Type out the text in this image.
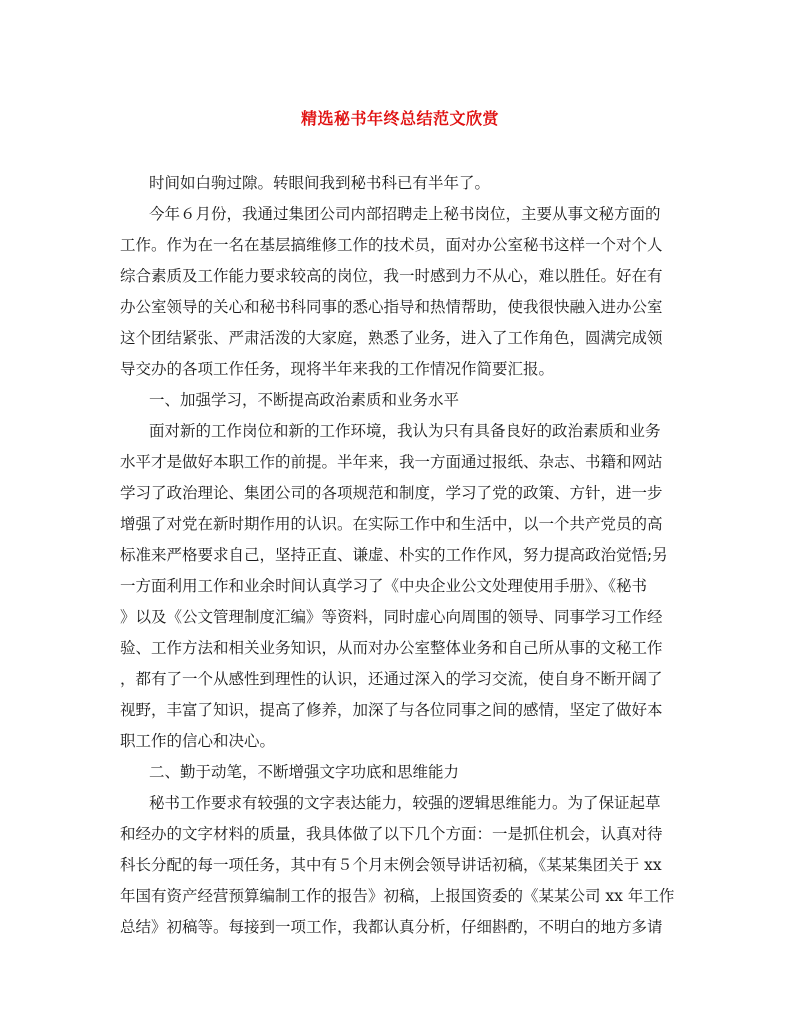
精选秘书年终总结范文欣赏
时间如白驹过隙。转眼间我到秘书科已有半年了。
今年６月份，我通过集团公司内部招聘走上秘书岗位，主要从事文秘方面的
工作。作为在一名在基层搞维修工作的技术员，面对办公室秘书这样一个对个人
综合素质及工作能力要求较高的岗位，我一时感到力不从心，难以胜任。好在有
办公室领导的关心和秘书科同事的悉心指导和热情帮助，使我很快融入进办公室
这个团结紧张、严肃活泼的大家庭，熟悉了业务，进入了工作角色，圆满完成领
导交办的各项工作任务，现将半年来我的工作情况作简要汇报。
一、加强学习，不断提高政治素质和业务水平
面对新的工作岗位和新的工作环境，我认为只有具备良好的政治素质和业务
水平才是做好本职工作的前提。半年来，我一方面通过报纸、杂志、书籍和网站
学习了政治理论、集团公司的各项规范和制度，学习了党的政策、方针，进一步
增强了对党在新时期作用的认识。在实际工作中和生活中，以一个共产党员的高
标准来严格要求自己，坚持正直、谦虚、朴实的工作作风，努力提高政治觉悟;另
一方面利用工作和业余时间认真学习了《中央企业公文处理使用手册》、《秘书
》以及《公文管理制度汇编》等资料，同时虚心向周围的领导、同事学习工作经
验、工作方法和相关业务知识，从而对办公室整体业务和自己所从事的文秘工作
，都有了一个从感性到理性的认识，还通过深入的学习交流，使自身不断开阔了
视野，丰富了知识，提高了修养，加深了与各位同事之间的感情，坚定了做好本
职工作的信心和决心。
二、勤于动笔，不断增强文字功底和思维能力
秘书工作要求有较强的文字表达能力，较强的逻辑思维能力。为了保证起草
和经办的文字材料的质量，我具体做了以下几个方面：一是抓住机会，认真对待
科长分配的每一项任务，其中有５个月末例会领导讲话初稿，《某某集团关于 xx
年国有资产经营预算编制工作的报告》初稿，上报国资委的《某某公司 xx 年工作
总结》初稿等。每接到一项工作，我都认真分析，仔细斟酌，不明白的地方多请
